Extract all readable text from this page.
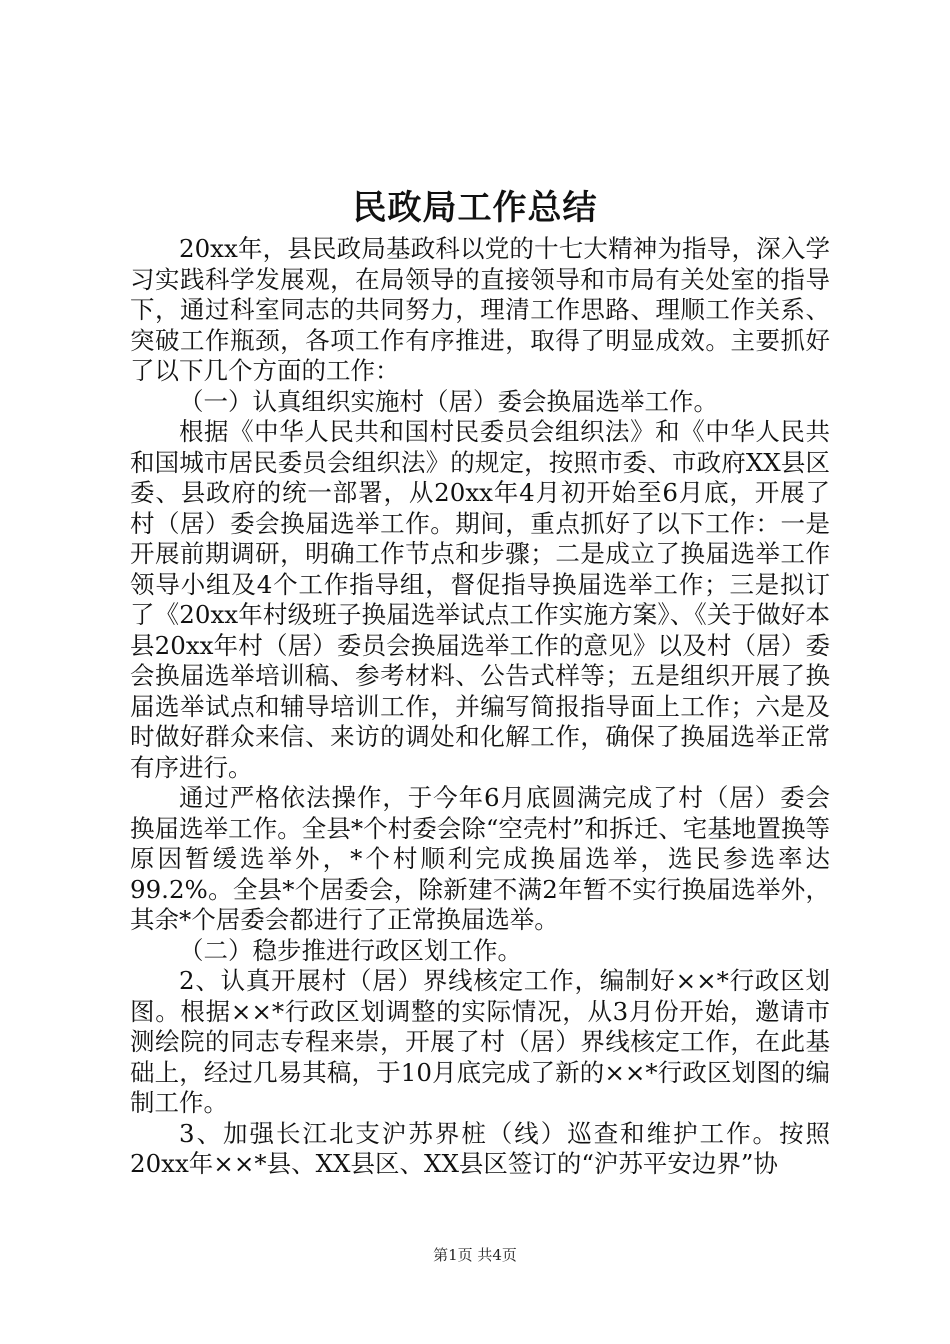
民政局工作总结

20xx年，县民政局基政科以党的十七大精神为指导，深入学习实践科学发展观，在局领导的直接领导和市局有关处室的指导下，通过科室同志的共同努力，理清工作思路、理顺工作关系、突破工作瓶颈，各项工作有序推进，取得了明显成效。主要抓好了以下几个方面的工作：

（一）认真组织实施村（居）委会换届选举工作。

根据《中华人民共和国村民委员会组织法》和《中华人民共和国城市居民委员会组织法》的规定，按照市委、市政府XX县区委、县政府的统一部署，从20xx年4月初开始至6月底，开展了村（居）委会换届选举工作。期间，重点抓好了以下工作：一是开展前期调研，明确工作节点和步骤；二是成立了换届选举工作领导小组及4个工作指导组，督促指导换届选举工作；三是拟订了《20xx年村级班子换届选举试点工作实施方案》、《关于做好本县20xx年村（居）委员会换届选举工作的意见》以及村（居）委会换届选举培训稿、参考材料、公告式样等；五是组织开展了换届选举试点和辅导培训工作，并编写简报指导面上工作；六是及时做好群众来信、来访的调处和化解工作，确保了换届选举正常有序进行。

通过严格依法操作，于今年6月底圆满完成了村（居）委会换届选举工作。全县*个村委会除“空壳村”和拆迁、宅基地置换等原因暂缓选举外，*个村顺利完成换届选举，选民参选率达99.2%。全县*个居委会，除新建不满2年暂不实行换届选举外，其余*个居委会都进行了正常换届选举。

（二）稳步推进行政区划工作。

2、认真开展村（居）界线核定工作，编制好××*行政区划图。根据××*行政区划调整的实际情况，从3月份开始，邀请市测绘院的同志专程来崇，开展了村（居）界线核定工作，在此基础上，经过几易其稿，于10月底完成了新的××*行政区划图的编制工作。

3、加强长江北支沪苏界桩（线）巡查和维护工作。按照20xx年××*县、XX县区、XX县区签订的“沪苏平安边界”协

第1页 共4页
